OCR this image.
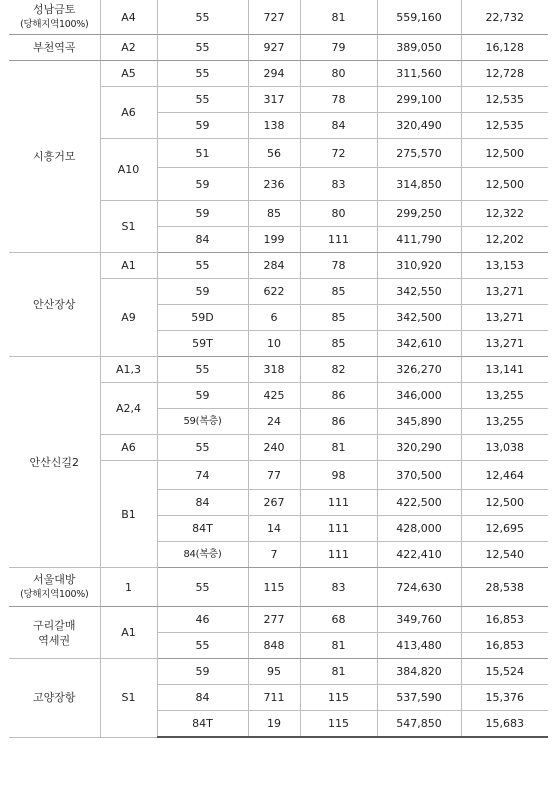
성남금토
(당해지역100%)	A4	55	727	81	559,160	22,732
부천역곡	A2	55	927	79	389,050	16,128
시흥거모	A5	55	294	80	311,560	12,728
	A6	55	317	78	299,100	12,535
		59	138	84	320,490	12,535
	A10	51	56	72	275,570	12,500
		59	236	83	314,850	12,500
	S1	59	85	80	299,250	12,322
		84	199	111	411,790	12,202
안산장상	A1	55	284	78	310,920	13,153
	A9	59	622	85	342,550	13,271
		59D	6	85	342,500	13,271
		59T	10	85	342,610	13,271
안산신길2	A1,3	55	318	82	326,270	13,141
	A2,4	59	425	86	346,000	13,255
		59(복층)	24	86	345,890	13,255
	A6	55	240	81	320,290	13,038
	B1	74	77	98	370,500	12,464
		84	267	111	422,500	12,500
		84T	14	111	428,000	12,695
		84(복층)	7	111	422,410	12,540
서울대방
(당해지역100%)	1	55	115	83	724,630	28,538
구리갈매
역세권	A1	46	277	68	349,760	16,853
		55	848	81	413,480	16,853
고양장항	S1	59	95	81	384,820	15,524
		84	711	115	537,590	15,376
		84T	19	115	547,850	15,683
